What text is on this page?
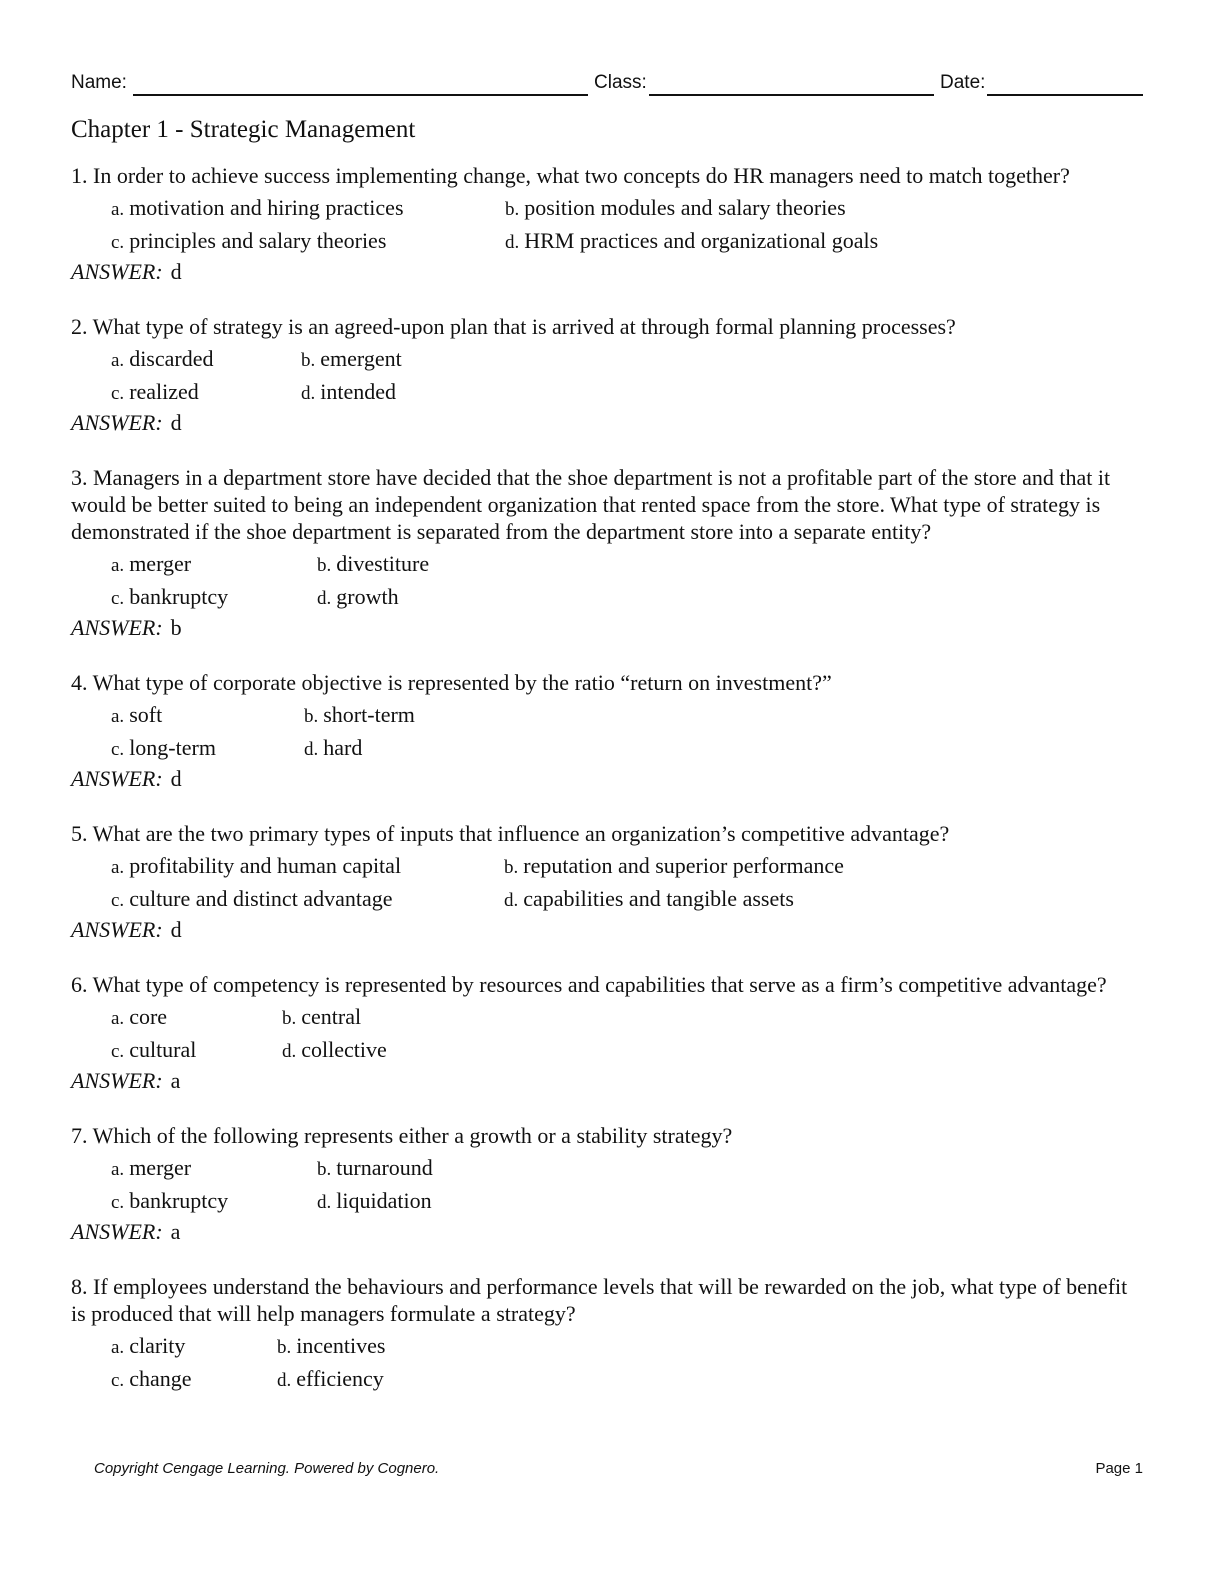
Name:	Class:	Date:
Chapter 1 - Strategic Management

1. In order to achieve success implementing change, what two concepts do HR managers need to match together?

a. motivation and hiring practices	b. position modules and salary theories
c. principles and salary theories	d. HRM practices and organizational goals
ANSWER: d

2. What type of strategy is an agreed-upon plan that is arrived at through formal planning processes?

a. discarded	b. emergent
c. realized	d. intended
ANSWER: d

3. Managers in a department store have decided that the shoe department is not a profitable part of the store and that it would be better suited to being an independent organization that rented space from the store. What type of strategy is demonstrated if the shoe department is separated from the department store into a separate entity?

a. merger	b. divestiture
c. bankruptcy	d. growth
ANSWER: b

4. What type of corporate objective is represented by the ratio “return on investment?”

a. soft	b. short-term
c. long-term	d. hard
ANSWER: d

5. What are the two primary types of inputs that influence an organization’s competitive advantage?

a. profitability and human capital	b. reputation and superior performance
c. culture and distinct advantage	d. capabilities and tangible assets
ANSWER: d

6. What type of competency is represented by resources and capabilities that serve as a firm’s competitive advantage?

a. core	b. central
c. cultural	d. collective
ANSWER: a

7. Which of the following represents either a growth or a stability strategy?

a. merger	b. turnaround
c. bankruptcy	d. liquidation
ANSWER: a

8. If employees understand the behaviours and performance levels that will be rewarded on the job, what type of benefit is produced that will help managers formulate a strategy?

a. clarity	b. incentives
c. change	d. efficiency
Copyright Cengage Learning. Powered by Cognero.	Page 1
